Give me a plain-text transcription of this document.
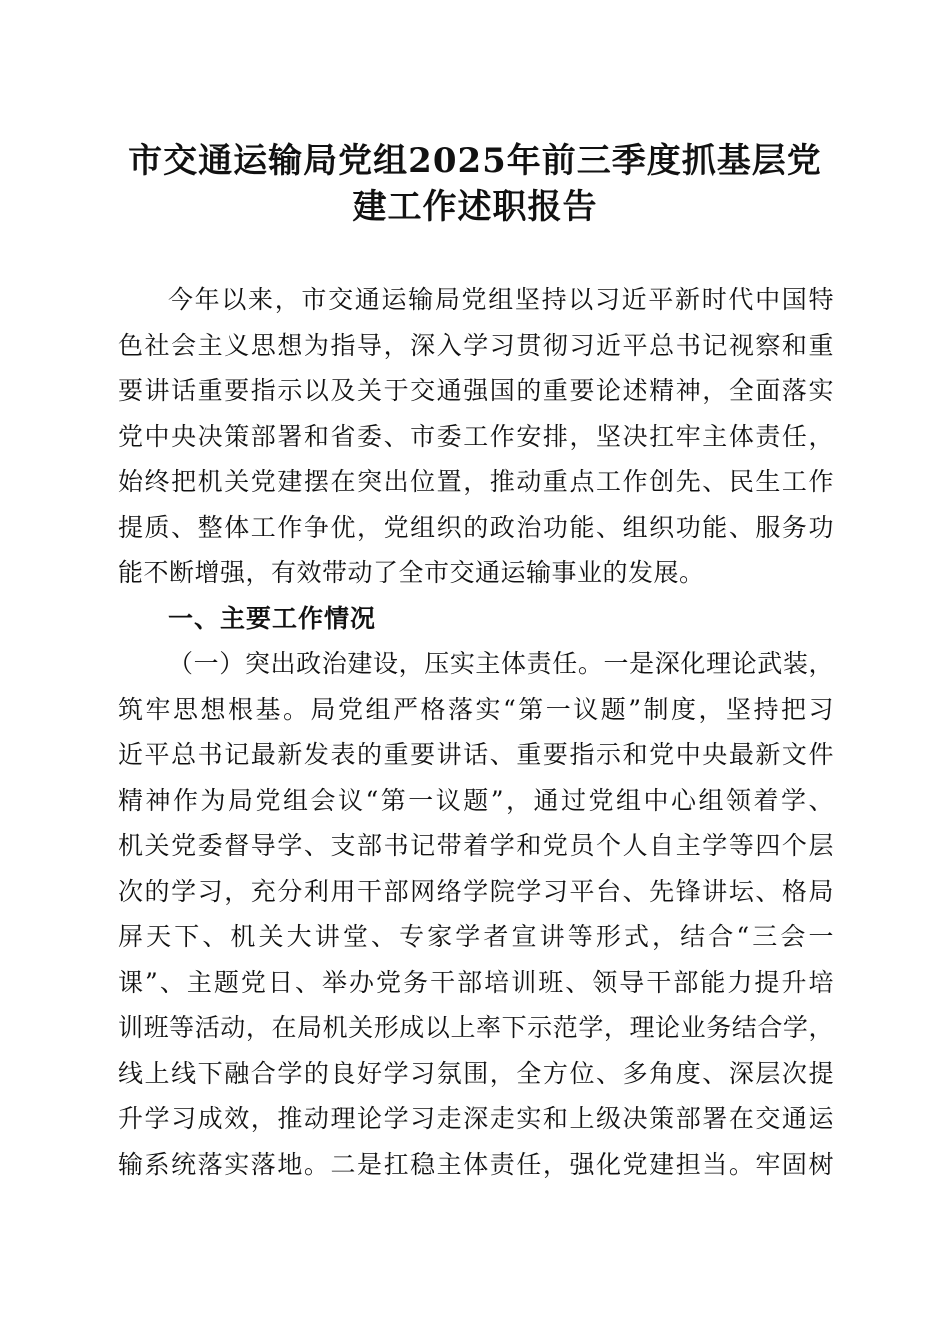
市交通运输局党组2025年前三季度抓基层党
建工作述职报告
今年以来，市交通运输局党组坚持以习近平新时代中国特
色社会主义思想为指导，深入学习贯彻习近平总书记视察和重
要讲话重要指示以及关于交通强国的重要论述精神，全面落实
党中央决策部署和省委、市委工作安排，坚决扛牢主体责任，
始终把机关党建摆在突出位置，推动重点工作创先、民生工作
提质、整体工作争优，党组织的政治功能、组织功能、服务功
能不断增强，有效带动了全市交通运输事业的发展。
一、主要工作情况
（一）突出政治建设，压实主体责任。一是深化理论武装，
筑牢思想根基。局党组严格落实“第一议题”制度，坚持把习
近平总书记最新发表的重要讲话、重要指示和党中央最新文件
精神作为局党组会议“第一议题”，通过党组中心组领着学、
机关党委督导学、支部书记带着学和党员个人自主学等四个层
次的学习，充分利用干部网络学院学习平台、先锋讲坛、格局
屏天下、机关大讲堂、专家学者宣讲等形式，结合“三会一
课”、主题党日、举办党务干部培训班、领导干部能力提升培
训班等活动，在局机关形成以上率下示范学，理论业务结合学，
线上线下融合学的良好学习氛围，全方位、多角度、深层次提
升学习成效，推动理论学习走深走实和上级决策部署在交通运
输系统落实落地。二是扛稳主体责任，强化党建担当。牢固树
